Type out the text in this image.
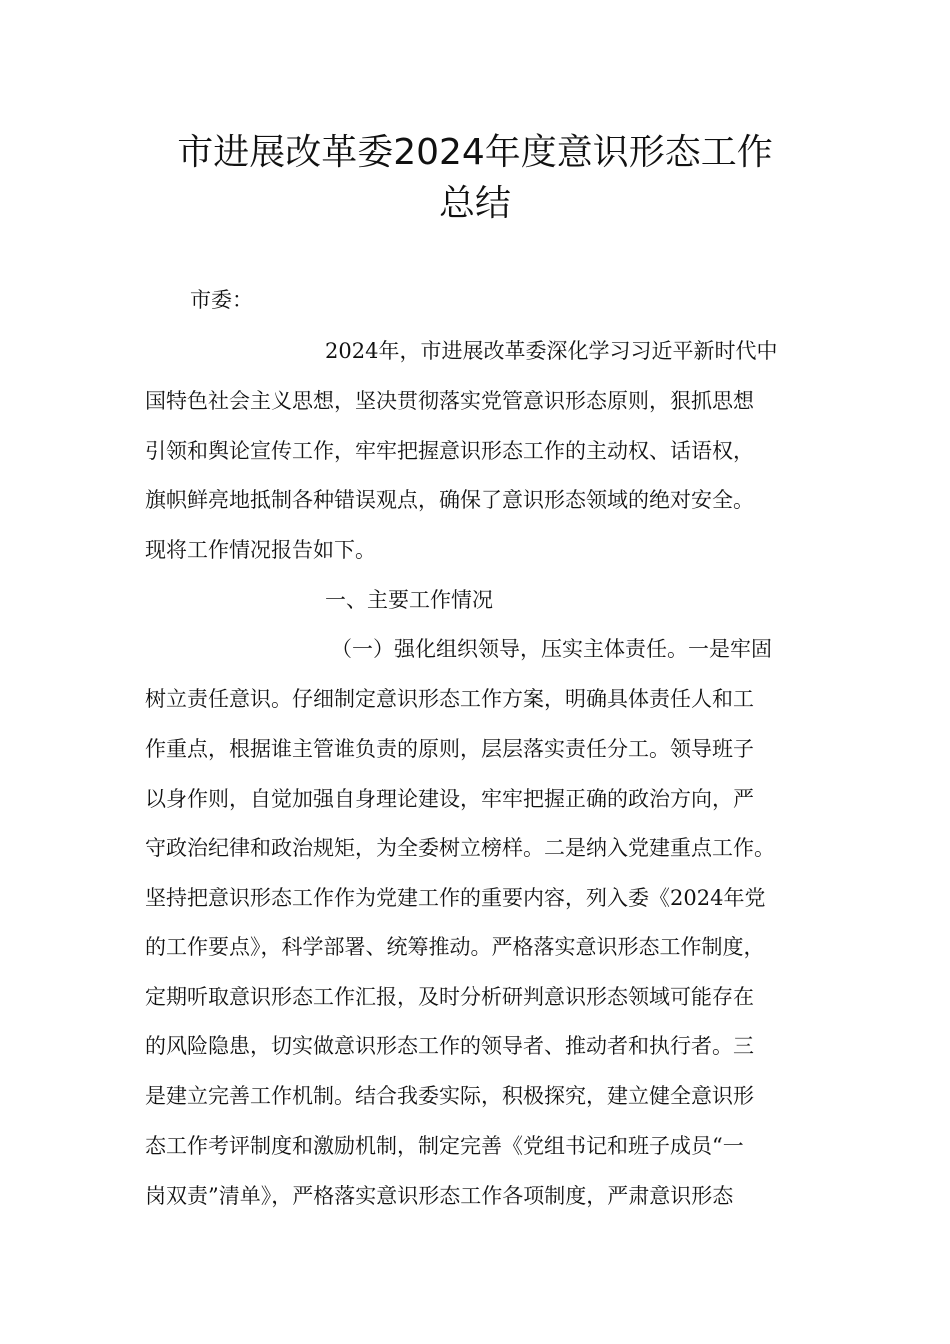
市进展改革委2024年度意识形态工作
总结
市委：
2024年，市进展改革委深化学习习近平新时代中
国特色社会主义思想，坚决贯彻落实党管意识形态原则，狠抓思想
引领和舆论宣传工作，牢牢把握意识形态工作的主动权、话语权，
旗帜鲜亮地抵制各种错误观点，确保了意识形态领域的绝对安全。
现将工作情况报告如下。
一、主要工作情况
（一）强化组织领导，压实主体责任。一是牢固
树立责任意识。仔细制定意识形态工作方案，明确具体责任人和工
作重点，根据谁主管谁负责的原则，层层落实责任分工。领导班子
以身作则，自觉加强自身理论建设，牢牢把握正确的政治方向，严
守政治纪律和政治规矩，为全委树立榜样。二是纳入党建重点工作。
坚持把意识形态工作作为党建工作的重要内容，列入委《2024年党
的工作要点》，科学部署、统筹推动。严格落实意识形态工作制度，
定期听取意识形态工作汇报，及时分析研判意识形态领域可能存在
的风险隐患，切实做意识形态工作的领导者、推动者和执行者。三
是建立完善工作机制。结合我委实际，积极探究，建立健全意识形
态工作考评制度和激励机制，制定完善《党组书记和班子成员“一
岗双责”清单》，严格落实意识形态工作各项制度，严肃意识形态
